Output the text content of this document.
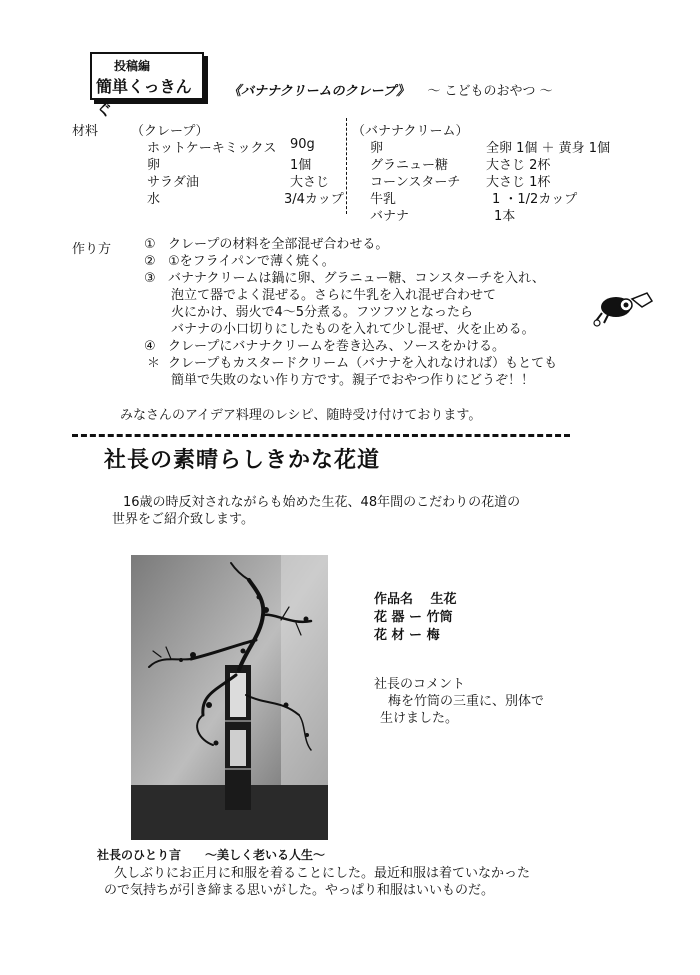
投稿編
簡単くっきんぐ
《バナナクリームのクレープ》 ～ こどものおやつ ～
材料	（クレープ）
ホットケーキミックス 90g
卵	1個
サラダ油	大さじ
水	3/4カップ
（バナナクリーム）
卵	全卵 1個 ＋ 黄身 1個
グラニュー糖	大さじ 2杯
コーンスターチ 大さじ 1杯
牛乳	1 ・1/2カップ
バナナ	1本
作り方	① クレープの材料を全部混ぜ合わせる。
② ①をフライパンで薄く焼く。
③ バナナクリームは鍋に卵、グラニュー糖、コンスターチを入れ、
泡立て器でよく混ぜる。さらに牛乳を入れ混ぜ合わせて
火にかけ、弱火で4～5分煮る。フツフツとなったら
バナナの小口切りにしたものを入れて少し混ぜ、火を止める。
④ クレープにバナナクリームを巻き込み、ソースをかける。
＊ クレープもカスタードクリーム（バナナを入れなければ）もとても
簡単で失敗のない作り方です。親子でおやつ作りにどうぞ！！
みなさんのアイデア料理のレシピ、随時受け付けております。
社長の素晴らしきかな花道
16歳の時反対されながらも始めた生花、48年間のこだわりの花道の
世界をご紹介致します。
作品名　 生花
花 器 ー 竹筒
花 材 ー 梅
社長のコメント
梅を竹筒の三重に、別体で
生けました。
社長のひとり言　　～美しく老いる人生～
久しぶりにお正月に和服を着ることにした。最近和服は着ていなかった
ので気持ちが引き締まる思いがした。やっぱり和服はいいものだ。
